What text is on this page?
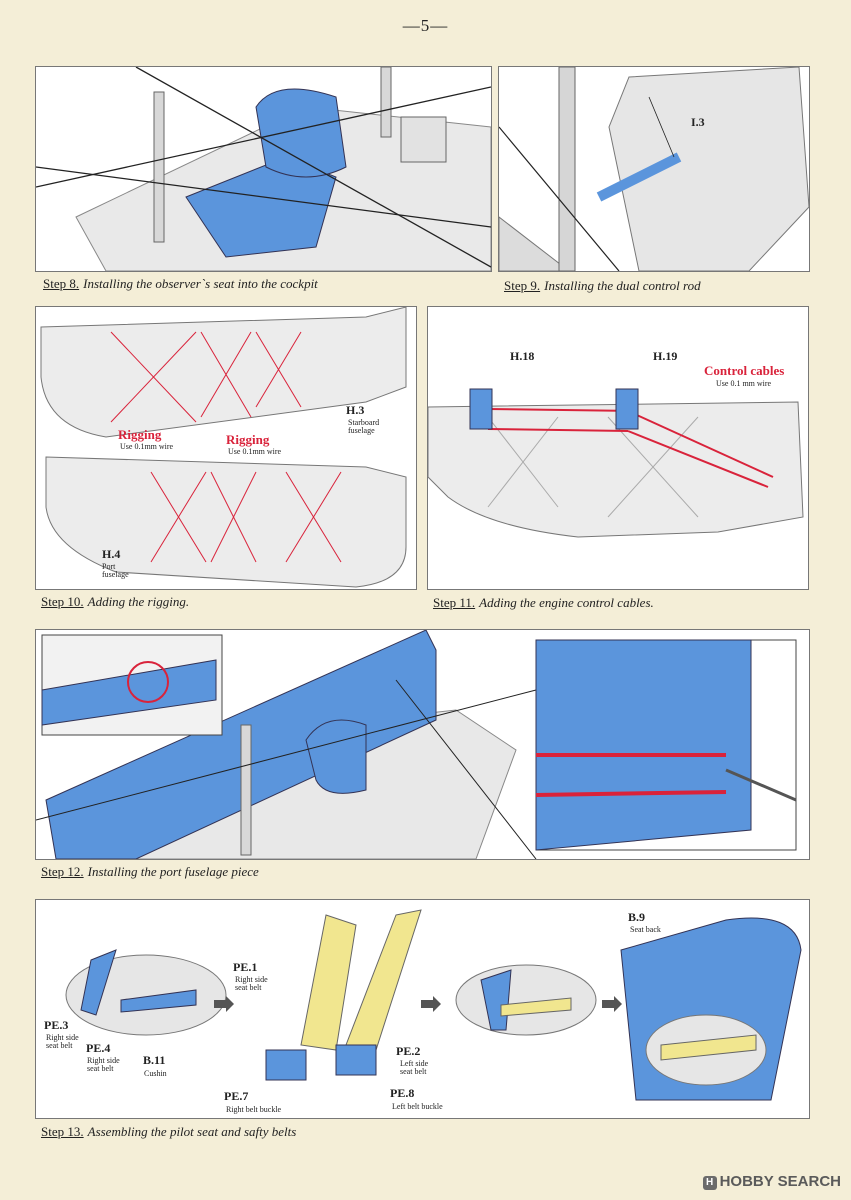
—5—
Step 8. Installing the observer`s seat into the cockpit
I.3
Step 9. Installing the dual control rod
H.3
Starboard
fuselage
Rigging
Use 0.1mm wire	Rigging
Use 0.1mm wire
H.4
Port
fuselage
Step 10. Adding the rigging.
H.18	H.19
Control cables
Use 0.1 mm wire
Step 11. Adding the engine control cables.
Step 12. Installing the port fuselage piece
PE.3
Right side
seat belt PE.4
Right side
seat belt
B.11
Cushin
PE.1
Right side
seat belt
PE.2
Left side
seat belt
PE.7
Right belt buckle
PE.8
Left belt buckle
B.9
Seat back
Step 13. Assembling the pilot seat and safty belts
H HOBBY SEARCH
